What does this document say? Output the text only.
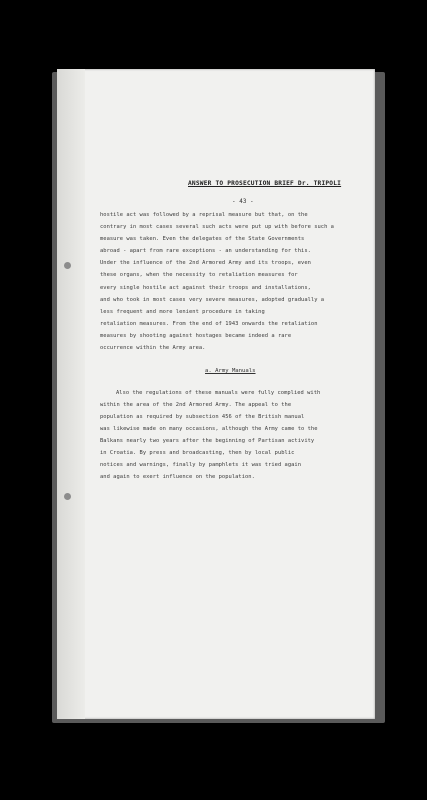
ANSWER TO PROSECUTION BRIEF Dr. TRIPOLI
- 43 -
hostile act was followed by a reprisal measure but that, on the
contrary in most cases several such acts were put up with before such a
measure was taken. Even the delegates of the State Governments
abroad - apart from rare exceptions - an understanding for this.
Under the influence of the 2nd Armored Army and its troops, even
these organs, when the necessity to retaliation measures for
every single hostile act against their troops and installations,
and who took in most cases very severe measures, adopted gradually a
less frequent and more lenient procedure in taking
retaliation measures. From the end of 1943 onwards the retaliation
measures by shooting against hostages became indeed a rare
occurrence within the Army area.
a. Army Manuals
Also the regulations of these manuals were fully complied with
within the area of the 2nd Armored Army. The appeal to the
population as required by subsection 456 of the British manual
was likewise made on many occasions, although the Army came to the
Balkans nearly two years after the beginning of Partisan activity
in Croatia. By press and broadcasting, then by local public
notices and warnings, finally by pamphlets it was tried again
and again to exert influence on the population.
